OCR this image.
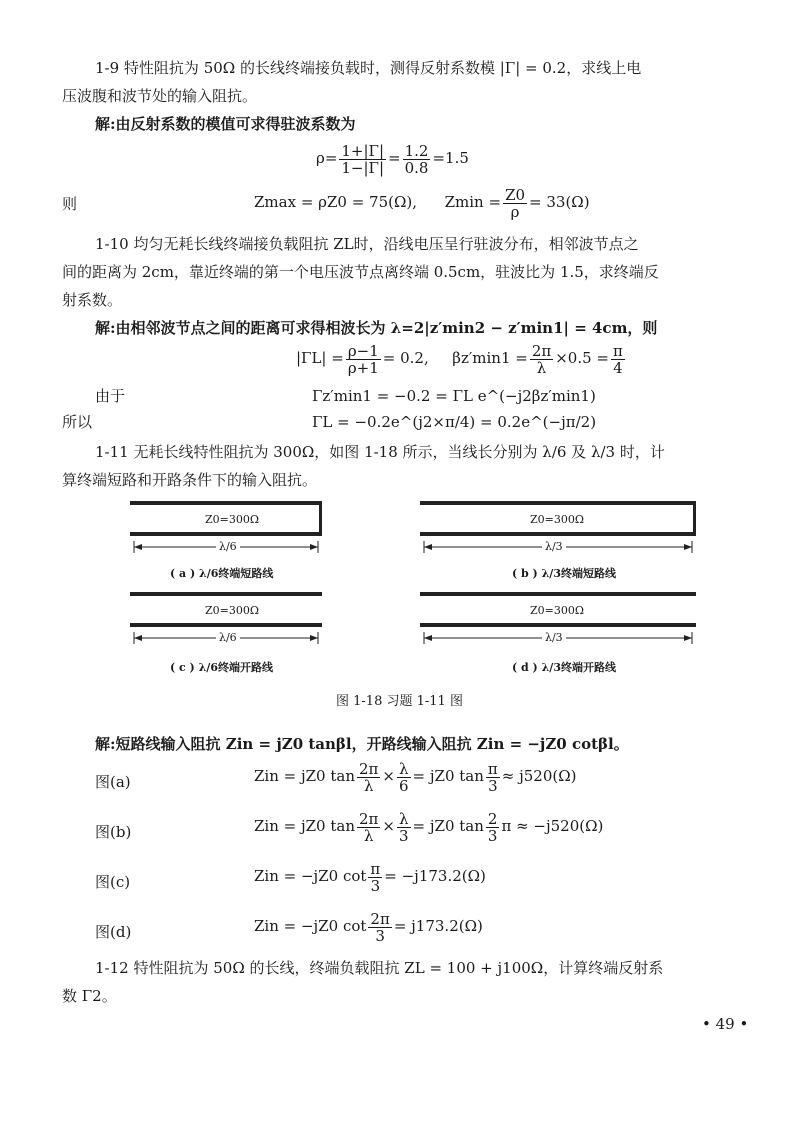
1-9 特性阻抗为 50Ω 的长线终端接负载时，测得反射系数模 |Γ| = 0.2，求线上电
压波腹和波节处的输入阻抗。
解:由反射系数的模值可求得驻波系数为
$\rho= \frac{1+|\Gamma|}{1-|\Gamma|} = \frac{1.2}{0.8} =1.5$
则	Zmax = ρZ0 = 75(Ω), $Zmin = \frac{Z0}{\rho} = 33(\Omega)$
1-10 均匀无耗长线终端接负载阻抗 ZL时，沿线电压呈行驻波分布，相邻波节点之
间的距离为 2cm，靠近终端的第一个电压波节点离终端 0.5cm，驻波比为 1.5，求终端反
射系数。
解:由相邻波节点之间的距离可求得相波长为 λ=2|z′min2 − z′min1| = 4cm，则
$|\Gamma L| = \frac{\rho-1}{\rho+1} = 0.2$, $\beta z'\min 1 = \frac{2\pi}{\lambda} \times 0.5 = \frac{\pi}{4}$
由于	Γz′min1 = −0.2 = ΓL e^(−j2βz′min1)
所以	ΓL = −0.2e^(j2×π/4) = 0.2e^(−jπ/2)
1-11 无耗长线特性阻抗为 300Ω，如图 1-18 所示，当线长分别为 λ/6 及 λ/3 时，计
算终端短路和开路条件下的输入阻抗。
Z0=300Ω
λ/6
( a ) λ/6终端短路线
Z0=300Ω
λ/3
( b ) λ/3终端短路线
Z0=300Ω
λ/6
( c ) λ/6终端开路线
Z0=300Ω
λ/3
( d ) λ/3终端开路线
图 1-18 习题 1-11 图
解:短路线输入阻抗 Zin = jZ0 tanβl，开路线输入阻抗 Zin = −jZ0 cotβl。
图(a)	Zin = jZ0 $\tan \frac{2\pi}{\lambda} \times \frac{\lambda}{6} = jZ0$ $\tan \frac{\pi}{3} \approx j520(\Omega)$
图(b)	Zin = jZ0 $\tan \frac{2\pi}{\lambda} \times \frac{\lambda}{3} = jZ0$ $\tan \frac{2}{3}$ π ≈ −j520(Ω)
图(c)	Zin = −jZ0 $\cot \frac{\pi}{3} = -j173.2(\Omega)$
图(d)	Zin = −jZ0 $\cot \frac{2\pi}{3} = j173.2(\Omega)$
1-12 特性阻抗为 50Ω 的长线，终端负载阻抗 ZL = 100 + j100Ω，计算终端反射系
数 Γ2。
• 49 •
